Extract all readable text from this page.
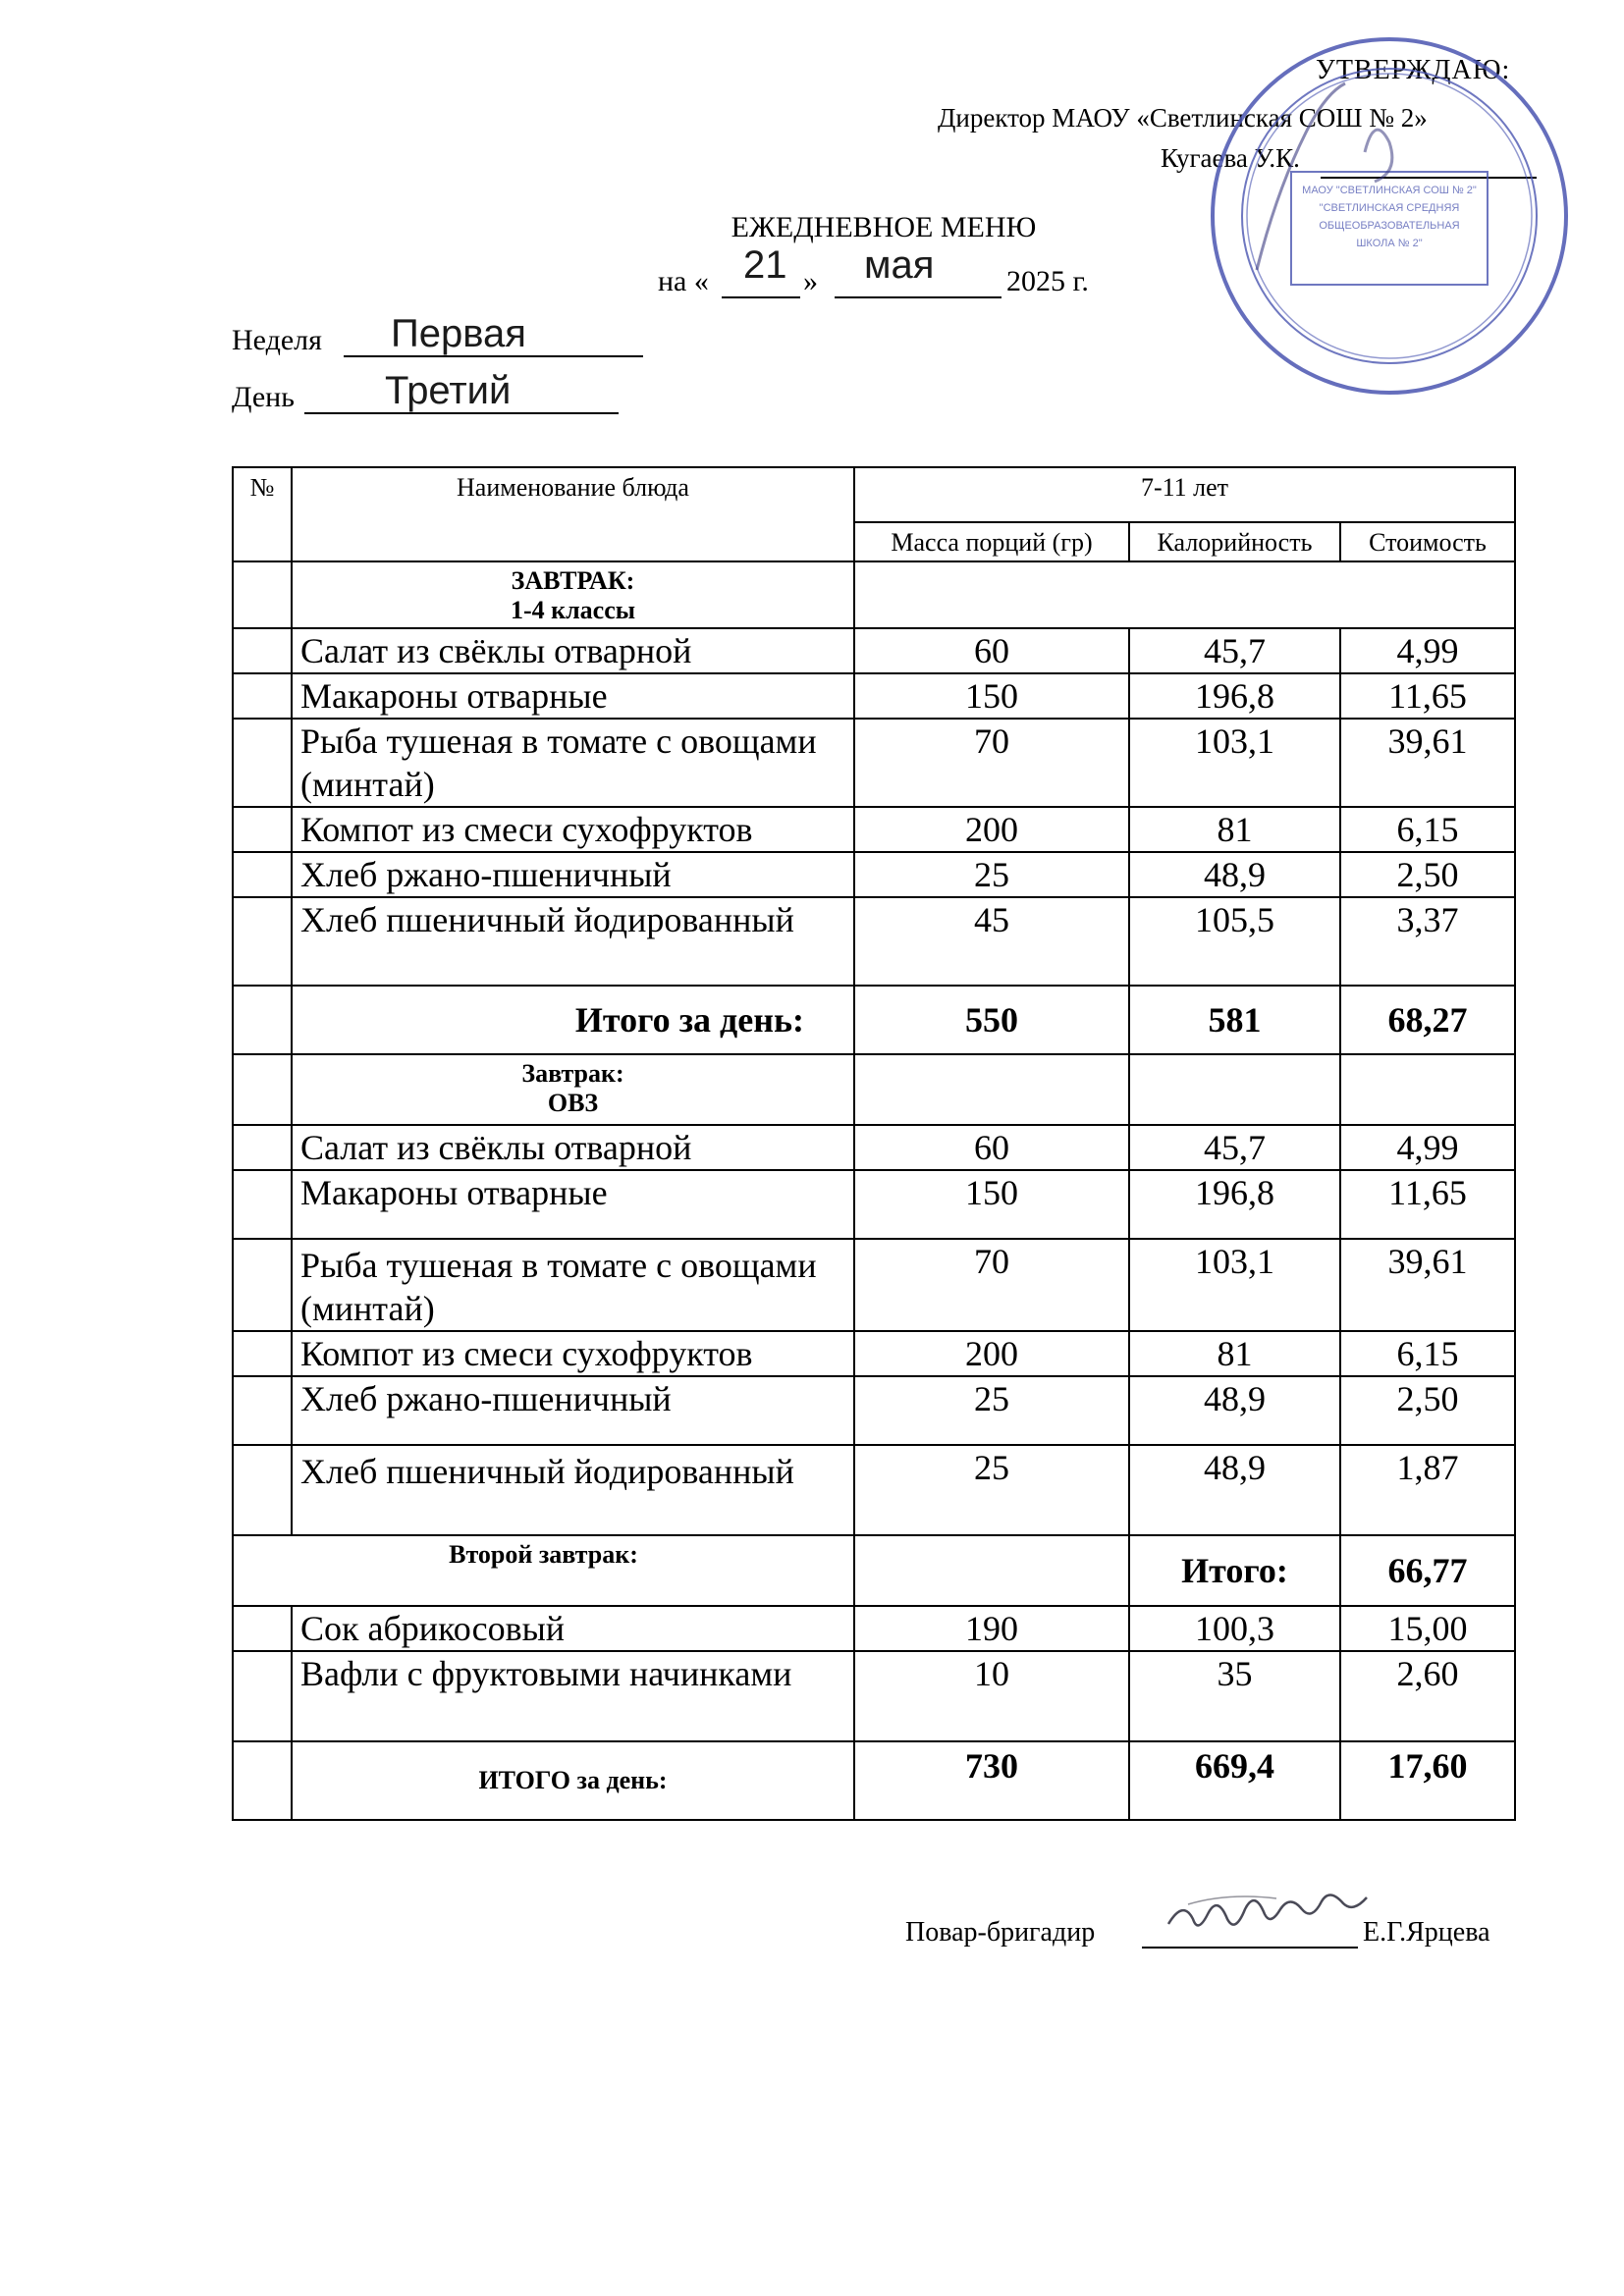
УТВЕРЖДАЮ:
Директор МАОУ «Светлинская СОШ № 2»
Кугаева У.К.
МАОУ "СВЕТЛИНСКАЯ СОШ № 2"
"СВЕТЛИНСКАЯ СРЕДНЯЯ
ОБЩЕОБРАЗОВАТЕЛЬНАЯ
ШКОЛА № 2"
ЕЖЕДНЕВНОЕ МЕНЮ
на « 21 » мая 2025 г.
Неделя Первая
День Третий
№	Наименование блюда	7-11 лет		
		Масса порций (гр)	Калорийность	Стоимость
	ЗАВТРАК:
1-4 классы			
	Салат из свёклы отварной	60	45,7	4,99
	Макароны отварные	150	196,8	11,65
	Рыба тушеная в томате с овощами (минтай)	70	103,1	39,61
	Компот из смеси сухофруктов	200	81	6,15
	Хлеб ржано-пшеничный	25	48,9	2,50
	Хлеб пшеничный йодированный	45	105,5	3,37
	Итого за день:	550	581	68,27
	Завтрак:
ОВЗ			
	Салат из свёклы отварной	60	45,7	4,99
	Макароны отварные	150	196,8	11,65
	Рыба тушеная в томате с овощами (минтай)	70	103,1	39,61
	Компот из смеси сухофруктов	200	81	6,15
	Хлеб ржано-пшеничный	25	48,9	2,50
	Хлеб пшеничный йодированный	25	48,9	1,87
Второй завтрак:			Итого:	66,77
	Сок абрикосовый	190	100,3	15,00
	Вафли с фруктовыми начинками	10	35	2,60
	ИТОГО за день:	730	669,4	17,60
Повар-бригадир	Е.Г.Ярцева
